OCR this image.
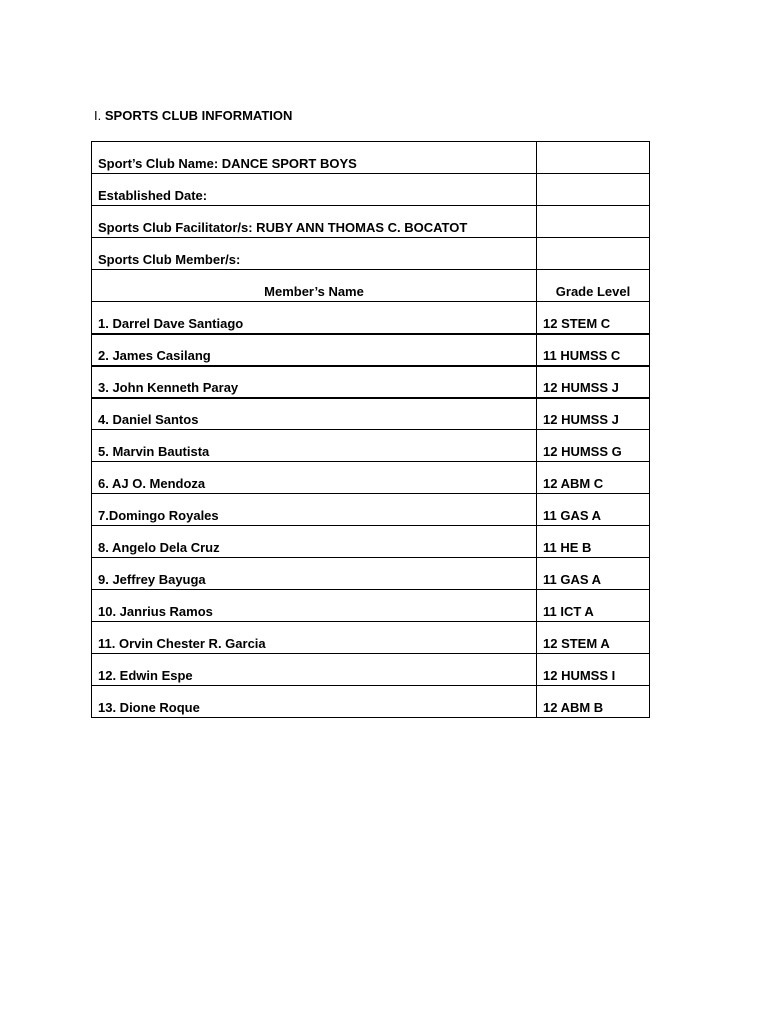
I. SPORTS CLUB INFORMATION
Sport’s Club Name: DANCE SPORT BOYS	
Established Date:	
Sports Club Facilitator/s: RUBY ANN THOMAS C. BOCATOT	
Sports Club Member/s:	
Member’s Name	Grade Level
1. Darrel Dave Santiago	12 STEM C
2. James Casilang	11 HUMSS C
3. John Kenneth Paray	12 HUMSS J
4. Daniel Santos	12 HUMSS J
5. Marvin Bautista	12 HUMSS G
6. AJ O. Mendoza	12 ABM C
7.Domingo Royales	11 GAS A
8. Angelo Dela Cruz	11 HE B
9. Jeffrey Bayuga	11 GAS A
10. Janrius Ramos	11 ICT A
11. Orvin Chester R. Garcia	12 STEM A
12. Edwin Espe	12 HUMSS I
13. Dione Roque	12 ABM B
